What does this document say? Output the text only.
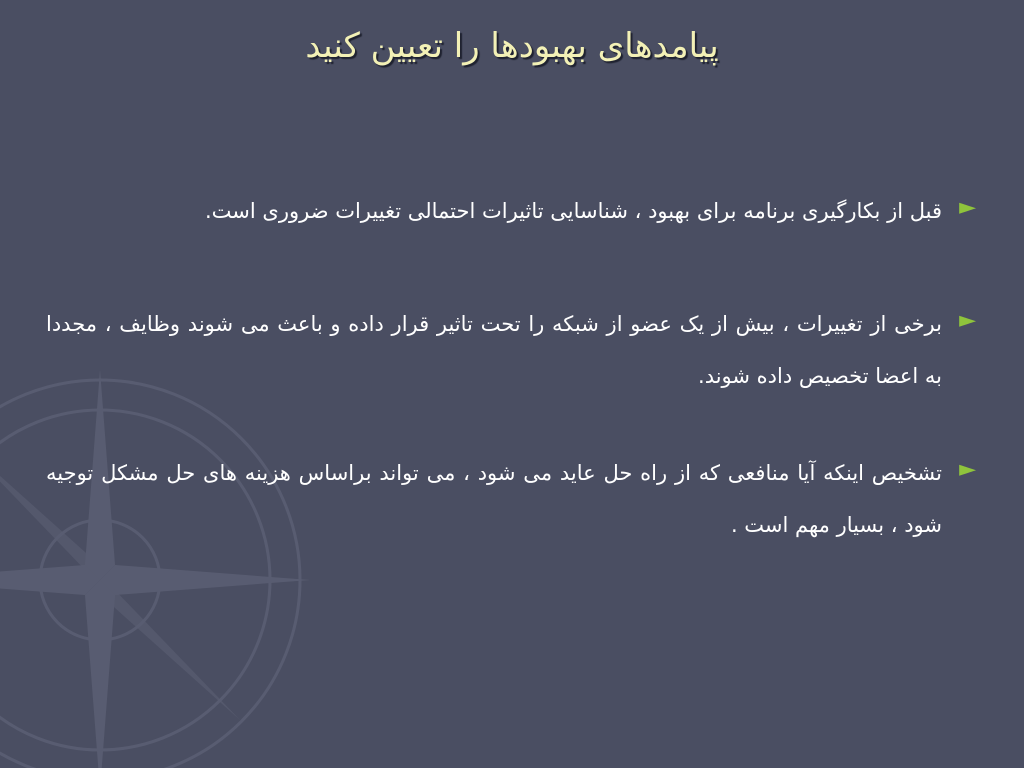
پیامدهای بهبودها را تعیین کنید
►
قبل از بکارگیری برنامه برای بهبود ، شناسایی تاثیرات احتمالی تغییرات ضروری است.
►
برخی از تغییرات ، بیش از یک عضو از شبکه را تحت تاثیر قرار داده و باعث می شوند وظایف ، مجددا به اعضا تخصیص داده شوند.
►
تشخیص اینکه آیا منافعی که از راه حل عاید می شود ، می تواند براساس هزینه های حل مشکل توجیه شود ، بسیار مهم است .
